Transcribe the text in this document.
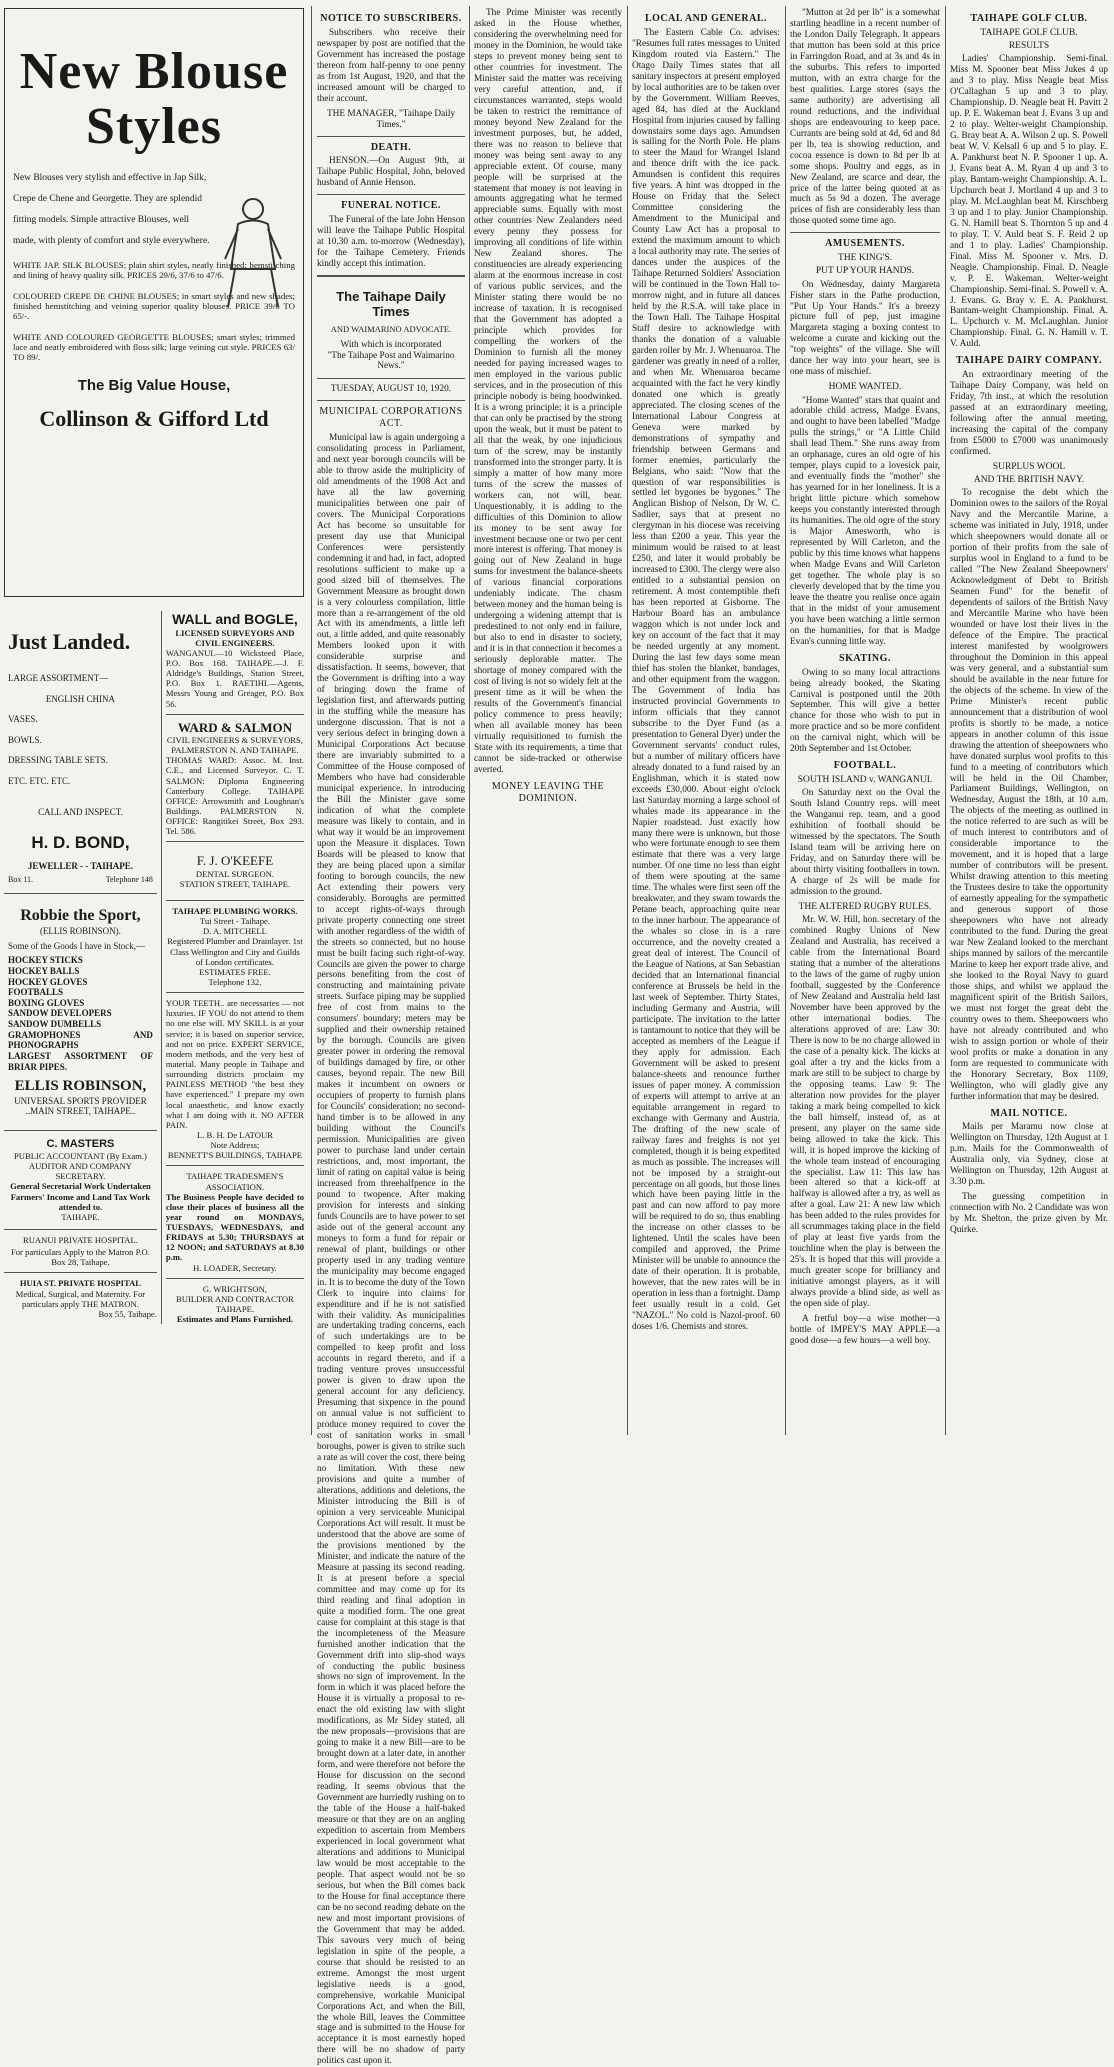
New Blouse Styles
New Blouses very stylish and effective in Jap Silk, Crepe de Chene and Georgette. They are splendid fitting models. Simple attractive Blouses, well made, with plenty of comfort and style everywhere.
WHITE JAP. SILK BLOUSES; plain shirt styles, neatly finished; hemstitching and lining of heavy quality silk. PRICES 29/6, 37/6 to 47/6.
COLOURED CREPE DE CHINE BLOUSES; in smart styles and new shades; finished hemstitching and veining superior quality blouses. PRICE 39/6 TO 65/-.
WHITE AND COLOURED GEORGETTE BLOUSES; smart styles; trimmed lace and neatly embroidered with floss silk; large veining cut style. PRICES 63/ TO 89/.
The Big Value House,
Collinson & Gifford Ltd
Just Landed.
LARGE ASSORTMENT—
ENGLISH CHINA
VASES.
BOWLS.
DRESSING TABLE SETS.
ETC. ETC. ETC.
CALL AND INSPECT.
H. D. BOND,
JEWELLER - - TAIHAPE.
Box 11.	Telephone 148
Robbie the Sport,
(ELLIS ROBINSON).
Some of the Goods I have in Stock,—
HOCKEY STICKS
HOCKEY BALLS
HOCKEY GLOVES
FOOTBALLS
BOXING GLOVES
SANDOW DEVELOPERS
SANDOW DUMBELLS
GRAMOPHONES AND PHONOGRAPHS
LARGEST ASSORTMENT OF BRIAR PIPES.
ELLIS ROBINSON,
UNIVERSAL SPORTS PROVIDER
..MAIN STREET, TAIHAPE..
C. MASTERS
PUBLIC ACCOUNTANT (By Exam.) AUDITOR AND COMPANY SECRETARY.
General Secretarial Work Undertaken Farmers' Income and Land Tax Work attended to.
TAIHAPE.
RUANUI PRIVATE HOSPITAL.
For particulars Apply to the Matron P.O. Box 28, Taihape.
HUIA ST. PRIVATE HOSPITAL
Medical, Surgical, and Maternity. For particulars apply THE MATRON.
Box 55, Taihape.
WALL and BOGLE,
LICENSED SURVEYORS AND CIVIL ENGINEERS.
WANGANUI.—10 Wicksteed Place, P.O. Box 168. TAIHAPE.—J. F. Aldridge's Buildings, Station Street, P.O. Box 1. RAETIHI.—Agents, Messrs Young and Greager, P.O. Box 56.
WARD & SALMON
CIVIL ENGINEERS & SURVEYORS, PALMERSTON N. AND TAIHAPE.
THOMAS WARD: Assoc. M. Inst. C.E., and Licensed Surveyor. C. T. SALMON: Diploma Engineering Canterbury College. TAIHAPE OFFICE: Arrowsmith and Loughnan's Buildings. PALMERSTON N. OFFICE: Rangitikei Street, Box 293. Tel. 586.
F. J. O'KEEFE
DENTAL SURGEON.
STATION STREET, TAIHAPE.
TAIHAPE PLUMBING WORKS.
Tui Street - Taihape.
D. A. MITCHELL
Registered Plumber and Drainlayer. 1st Class Wellington and City and Guilds of London certificates.
ESTIMATES FREE.
Telephone 132.
YOUR TEETH.. are necessaries — not luxuries. IF YOU do not attend to them no one else will. MY SKILL is at your service; it is based on superior service, and not on price. EXPERT SERVICE, modern methods, and the very best of material. Many people in Taihape and surrounding districts proclaim my PAINLESS METHOD "the best they have experienced." I prepare my own local anaesthetic, and know exactly what I am doing with it. NO AFTER PAIN.
L. B. H. De LATOUR
Note Address;
BENNETT'S BUILDINGS, TAIHAPE
TAIHAPE TRADESMEN'S ASSOCIATION.
The Business People have decided to close their places of business all the year round on MONDAYS, TUESDAYS, WEDNESDAYS, and FRIDAYS at 5.30; THURSDAYS at 12 NOON; and SATURDAYS at 8.30 p.m.
H. LOADER, Secretary.
G. WRIGHTSON,
BUILDER AND CONTRACTOR TAIHAPE.
Estimates and Plans Furnished.
NOTICE TO SUBSCRIBERS.

Subscribers who receive their newspaper by post are notified that the Government has increased the postage thereon from half-penny to one penny as from 1st August, 1920, and that the increased amount will be charged to their account.

THE MANAGER, "Taihape Daily Times."
DEATH.

HENSON.—On August 9th, at Taihape Public Hospital, John, beloved husband of Annie Henson.

FUNERAL NOTICE.

The Funeral of the late John Henson will leave the Taihape Public Hospital at 10.30 a.m. to-morrow (Wednesday), for the Taihape Cemetery. Friends kindly accept this intimation.

The Taihape Daily Times
AND WAIMARINO ADVOCATE.
With which is incorporated
"The Taihape Post and Waimarino News."
TUESDAY, AUGUST 10, 1920.
MUNICIPAL CORPORATIONS ACT.

Municipal law is again undergoing a consolidating process in Parliament, and next year borough councils will be able to throw aside the multiplicity of old amendments of the 1908 Act and have all the law governing municipalities between one pair of covers. The Municipal Corporations Act has become so unsuitable for present day use that Municipal Conferences were persistently condemning it and had, in fact, adopted resolutions sufficient to make up a good sized bill of themselves. The Government Measure as brought down is a very colourless compilation, little more than a re-arrangement of the old Act with its amendments, a little left out, a little added, and quite reasonably Members looked upon it with considerable surprise and dissatisfaction. It seems, however, that the Government is drifting into a way of bringing down the frame of legislation first, and afterwards putting in the stuffing while the measure has undergone discussion. That is not a very serious defect in bringing down a Municipal Corporations Act because there are invariably submitted to a Committee of the House composed of Members who have had considerable municipal experience. In introducing the Bill the Minister gave some indication of what the complete measure was likely to contain, and in what way it would be an improvement upon the Measure it displaces. Town Boards will be pleased to know that they are being placed upon a similar footing to borough councils, the new Act extending their powers very considerably. Boroughs are permitted to accept rights-of-ways through private property connecting one street with another regardless of the width of the streets so connected, but no house must be built facing such right-of-way. Councils are given the power to charge persons benefiting from the cost of constructing and maintaining private streets. Surface piping may be supplied free of cost from mains to the consumers' boundary; meters may be supplied and their ownership retained by the borough. Councils are given greater power in ordering the removal of buildings damaged by fire, or other causes, beyond repair. The new Bill makes it incumbent on owners or occupiers of property to furnish plans for Councils' consideration; no second-hand timber is to be allowed in any building without the Council's permission. Municipalities are given power to purchase land under certain restrictions, and, most important, the limit of rating on capital value is being increased from threehalfpence in the pound to twopence. After making provision for interests and sinking funds Councils are to have power to set aside out of the general account any moneys to form a fund for repair or renewal of plant, buildings or other property used in any trading venture the municipality may become engaged in. It is to become the duty of the Town Clerk to inquire into claims for expenditure and if he is not satisfied with their validity. As municipalities are undertaking trading concerns, each of such undertakings are to be compelled to keep profit and loss accounts in regard thereto, and if a trading venture proves unsuccessful power is given to draw upon the general account for any deficiency. Presuming that sixpence in the pound on annual value is not sufficient to produce money required to cover the cost of sanitation works in small boroughs, power is given to strike such a rate as will cover the cost, there being no limitation. With these new provisions and quite a number of alterations, additions and deletions, the Minister introducing the Bill is of opinion a very serviceable Municipal Corporations Act will result. It must be understood that the above are some of the provisions mentioned by the Minister, and indicate the nature of the Measure at passing its second reading. It is at present before a special committee and may come up for its third reading and final adoption in quite a modified form. The one great cause for complaint at this stage is that the incompleteness of the Measure furnished another indication that the Government drift into slip-shod ways of conducting the public business shows no sign of improvement. In the form in which it was placed before the House it is virtually a proposal to re-enact the old existing law with slight modifications, as Mr Sidey stated, all the new proposals—provisions that are going to make it a new Bill—are to be brought down at a later date, in another form, and were therefore not before the House for discussion on the second reading. It seems obvious that the Government are hurriedly rushing on to the table of the House a half-baked measure or that they are on an angling expedition to ascertain from Members experienced in local government what alterations and additions to Municipal law would be most acceptable to the people. That aspect would not be so serious, but when the Bill comes back to the House for final acceptance there can be no second reading debate on the new and most important provisions of the Government that may be added. This savours very much of being legislation in spite of the people, a course that should be resisted to an extreme. Amongst the most urgent legislative needs is a good, comprehensive, workable Municipal Corporations Act, and when the Bill, the whole Bill, leaves the Committee stage and is submitted to the House for acceptance it is most earnestly hoped there will be no shadow of party politics cast upon it.

The Prime Minister was recently asked in the House whether, considering the overwhelming need for money in the Dominion, he would take steps to prevent money being sent to other countries for investment. The Minister said the matter was receiving very careful attention, and, if circumstances warranted, steps would be taken to restrict the remittance of money beyond New Zealand for the investment purposes, but, he added, there was no reason to believe that money was being sent away to any appreciable extent. Of course, many people will be surprised at the statement that money is not leaving in amounts aggregating what he termed appreciable sums. Equally with most other countries New Zealanders need every penny they possess for improving all conditions of life within New Zealand shores. The constituencies are already experiencing alarm at the enormous increase in cost of various public services, and the Minister stating there would be no increase of taxation. It is recognised that the Government has adopted a principle which provides for compelling the workers of the Dominion to furnish all the money needed for paying increased wages to men employed in the various public services, and in the prosecution of this principle nobody is being hoodwinked. It is a wrong principle; it is a principle that can only be practised by the strong upon the weak, but it must be patent to all that the weak, by one injudicious turn of the screw, may be instantly transformed into the stronger party. It is simply a matter of how many more turns of the screw the masses of workers can, not will, bear. Unquestionably, it is adding to the difficulties of this Dominion to allow its money to be sent away for investment because one or two per cent more interest is offering. That money is going out of New Zealand in huge sums for investment the balance-sheets of various financial corporations undeniably indicate. The chasm between money and the human being is undergoing a widening attempt that is predestined to not only end in failure, but also to end in disaster to society, and it is in that connection it becomes a seriously deplorable matter. The shortage of money compared with the cost of living is not so widely felt at the present time as it will be when the results of the Government's financial policy commence to press heavily; when all available money has been virtually requisitioned to furnish the State with its requirements, a time that cannot be side-tracked or otherwise averted.

MONEY LEAVING THE DOMINION.
LOCAL AND GENERAL.

The Eastern Cable Co. advises: "Resumes full rates messages to United Kingdom routed via Eastern." The Otago Daily Times states that all sanitary inspectors at present employed by local authorities are to be taken over by the Government. William Reeves, aged 84, has died at the Auckland Hospital from injuries caused by falling downstairs some days ago. Amundsen is sailing for the North Pole. He plans to steer the Maud for Wrangel Island and thence drift with the ice pack. Amundsen is confident this requires five years. A hint was dropped in the House on Friday that the Select Committee considering the Amendment to the Municipal and County Law Act has a proposal to extend the maximum amount to which a local authority may rate. The series of dances under the auspices of the Taihape Returned Soldiers' Association will be continued in the Town Hall to-morrow night, and in future all dances held by the R.S.A. will take place in the Town Hall. The Taihape Hospital Staff desire to acknowledge with thanks the donation of a valuable garden roller by Mr. J. Whenuaroa. The gardener was greatly in need of a roller, and when Mr. Whenuaroa became acquainted with the fact he very kindly donated one which is greatly appreciated. The closing scenes of the International Labour Congress at Geneva were marked by demonstrations of sympathy and friendship between Germans and former enemies, particularly the Belgians, who said: "Now that the question of war responsibilities is settled let bygones be bygones." The Anglican Bishop of Nelson, Dr W. C. Sadlier, says that at present no clergyman in his diocese was receiving less than £200 a year. This year the minimum would be raised to at least £250, and later it would probably be increased to £300. The clergy were also entitled to a substantial pension on retirement. A most contemptible theft has been reported at Gisborne. The Harbour Board has an ambulance waggon which is not under lock and key on account of the fact that it may be needed urgently at any moment. During the last few days some mean thief has stolen the blanket, bandages, and other equipment from the waggon. The Government of India has instructed provincial Governments to inform officials that they cannot subscribe to the Dyer Fund (as a presentation to General Dyer) under the Government servants' conduct rules, but a number of military officers have already donated to a fund raised by an Englishman, which it is stated now exceeds £30,000. About eight o'clock last Saturday morning a large school of whales made its appearance in the Napier roadstead. Just exactly how many there were is unknown, but those who were fortunate enough to see them estimate that there was a very large number. Of one time no less than eight of them were spouting at the same time. The whales were first seen off the breakwater, and they swam towards the Petane beach, approaching quite near to the inner harbour. The appearance of the whales so close in is a rare occurrence, and the novelty created a great deal of interest. The Council of the League of Nations, at San Sebastian decided that an International financial conference at Brussels be held in the last week of September. Thirty States, including Germany and Austria, will participate. The invitation to the latter is tantamount to notice that they will be accepted as members of the League if they apply for admission. Each Government will be asked to present balance-sheets and renounce further issues of paper money. A commission of experts will attempt to arrive at an equitable arrangement in regard to exchange with Germany and Austria. The drafting of the new scale of railway fares and freights is not yet completed, though it is being expedited as much as possible. The increases will not be imposed by a straight-out percentage on all goods, but those lines which have been paying little in the past and can now afford to pay more will be required to do so, thus enabling the increase on other classes to be lightened. Until the scales have been compiled and approved, the Prime Minister will be unable to announce the date of their operation. It is probable, however, that the new rates will be in operation in less than a fortnight. Damp feet usually result in a cold. Get "NAZOL." No cold is Nazol-proof. 60 doses 1/6. Chemists and stores.

"Mutton at 2d per lb" is a somewhat startling headline in a recent number of the London Daily Telegraph. It appears that mutton has been sold at this price in Farringdon Road, and at 3s and 4s in the suburbs. This refers to imported mutton, with an extra charge for the best qualities. Large stores (says the same authority) are advertising all round reductions, and the individual shops are endeavouring to keep pace. Currants are being sold at 4d, 6d and 8d per lb, tea is showing reduction, and cocoa essence is down to 8d per lb at some shops. Poultry and eggs, as in New Zealand, are scarce and dear, the price of the latter being quoted at as much as 5s 9d a dozen. The average prices of fish are considerably less than those quoted some time ago.

AMUSEMENTS.
THE KING'S.
PUT UP YOUR HANDS.

On Wednesday, dainty Margareta Fisher stars in the Pathe production, "Put Up Your Hands." It's a breezy picture full of pep, just imagine Margareta staging a boxing contest to welcome a curate and kicking out the "top weights" of the village. She will dance her way into your heart, see is one mass of mischief.

HOME WANTED.

"Home Wanted" stars that quaint and adorable child actress, Madge Evans, and ought to have been labelled "Madge pulls the strings," or "A Little Child shall lead Them." She runs away from an orphanage, cures an old ogre of his temper, plays cupid to a lovesick pair, and eventually finds the "mother" she has yearned for in her loneliness. It is a bright little picture which somehow keeps you constantly interested through its humanities. The old ogre of the story is Major Amesworth, who is represented by Will Carleton, and the public by this time knows what happens when Madge Evans and Will Carleton get together. The whole play is so cleverly developed that by the time you leave the theatre you realise once again that in the midst of your amusement you have been watching a little sermon on the humanities, for that is Madge Evan's cunning little way.

SKATING.

Owing to so many local attractions being already booked, the Skating Carnival is postponed until the 20th September. This will give a better chance for those who wish to put in more practice and so be more confident on the carnival night, which will be 20th September and 1st October.

FOOTBALL.
SOUTH ISLAND v. WANGANUI.

On Saturday next on the Oval the South Island Country reps. will meet the Wanganui rep. team, and a good exhibition of football should be witnessed by the spectators. The South Island team will be arriving here on Friday, and on Saturday there will be about thirty visiting footballers in town. A charge of 2s will be made for admission to the ground.

THE ALTERED RUGBY RULES.

Mr. W. W. Hill, hon. secretary of the combined Rugby Unions of New Zealand and Australia, has received a cable from the International Board stating that a number of the alterations to the laws of the game of rugby union football, suggested by the Conference of New Zealand and Australia held last November have been approved by the other international bodies. The alterations approved of are: Law 30: There is now to be no charge allowed in the case of a penalty kick. The kicks at goal after a try and the kicks from a mark are still to be subject to charge by the opposing teams. Law 9: The alteration now provides for the player taking a mark being compelled to kick the ball himself, instead of, as at present, any player on the same side being allowed to take the kick. This will, it is hoped improve the kicking of the whole team instead of encouraging the specialist. Law 11: This law has been altered so that a kick-off at halfway is allowed after a try, as well as after a goal. Law 21: A new law which has been added to the rules provides for all scrummages taking place in the field of play at least five yards from the touchline when the play is between the 25's. It is hoped that this will provide a much greater scope for brilliancy and initiative amongst players, as it will always provide a blind side, as well as the open side of play.

A fretful boy—a wise mother—a bottle of IMPEY'S MAY APPLE—a good dose—a few hours—a well boy.

TAIHAPE GOLF CLUB.
TAIHAPE GOLF CLUB.
RESULTS

Ladies' Championship. Semi-final. Miss M. Spooner beat Miss Jukes 4 up and 3 to play. Miss Neagle beat Miss O'Callaghan 5 up and 3 to play. Championship. D. Neagle beat H. Pavitt 2 up. P. E. Wakeman beat J. Evans 3 up and 2 to play. Welter-weight Championship. G. Bray beat A. A. Wilson 2 up. S. Powell beat W. V. Kelsall 6 up and 5 to play. E. A. Pankhurst beat N. P. Spooner 1 up. A. J. Evans beat A. M. Ryan 4 up and 3 to play. Bantam-weight Championship. A. L. Upchurch beat J. Mortland 4 up and 3 to play. M. McLaughlan beat M. Kirschberg 3 up and 1 to play. Junior Championship. G. N. Hamill beat S. Thornton 5 up and 4 to play. T. V. Auld beat S. F. Reid 2 up and 1 to play. Ladies' Championship. Final. Miss M. Spooner v. Mrs. D. Neagle. Championship. Final. D. Neagle v. P. E. Wakeman. Welter-weight Championship. Semi-final. S. Powell v. A. J. Evans. G. Bray v. E. A. Pankhurst. Bantam-weight Championship. Final. A. L. Upchurch v. M. McLaughlan. Junior Championship. Final. G. N. Hamill v. T. V. Auld.

TAIHAPE DAIRY COMPANY.

An extraordinary meeting of the Taihape Dairy Company, was held on Friday, 7th inst., at which the resolution passed at an extraordinary meeting, following after the annual meeting, increasing the capital of the company from £5000 to £7000 was unanimously confirmed.

SURPLUS WOOL
AND THE BRITISH NAVY.

To recognise the debt which the Dominion owes to the sailors of the Royal Navy and the Mercantile Marine, a scheme was initiated in July, 1918, under which sheepowners would donate all or portion of their profits from the sale of surplus wool in England to a fund to be called "The New Zealand Sheepowners' Acknowledgment of Debt to British Seamen Fund" for the benefit of dependents of sailors of the British Navy and Mercantile Marine who have been wounded or have lost their lives in the defence of the Empire. The practical interest manifested by woolgrowers throughout the Dominion in this appeal was very general, and a substantial sum should be available in the near future for the objects of the scheme. In view of the Prime Minister's recent public announcement that a distribution of wool profits is shortly to be made, a notice appears in another column of this issue drawing the attention of sheepowners who have donated surplus wool profits to this fund to a meeting of contributors which will be held in the Oil Chamber, Parliament Buildings, Wellington, on Wednesday, August the 18th, at 10 a.m. The objects of the meeting as outlined in the notice referred to are such as will be of much interest to contributors and of considerable importance to the movement, and it is hoped that a large number of contributors will be present. Whilst drawing attention to this meeting the Trustees desire to take the opportunity of earnestly appealing for the sympathetic and generous support of those sheepowners who have not already contributed to the fund. During the great war New Zealand looked to the merchant ships manned by sailors of the mercantile Marine to keep her export trade alive, and she looked to the Royal Navy to guard those ships, and whilst we applaud the magnificent spirit of the British Sailors, we must not forget the great debt the country owes to them. Sheepowners who have not already contributed and who wish to assign portion or whole of their wool profits or make a donation in any form are requested to communicate with the Honorary Secretary, Box 1109, Wellington, who will gladly give any further information that may be desired.

MAIL NOTICE.

Mails per Maramu now close at Wellington on Thursday, 12th August at 1 p.m. Mails for the Commonwealth of Australia only, via Sydney, close at Wellington on Thursday, 12th August at 3.30 p.m.

The guessing competition in connection with No. 2 Candidate was won by Mr. Shelton, the prize given by Mr. Quirke.
